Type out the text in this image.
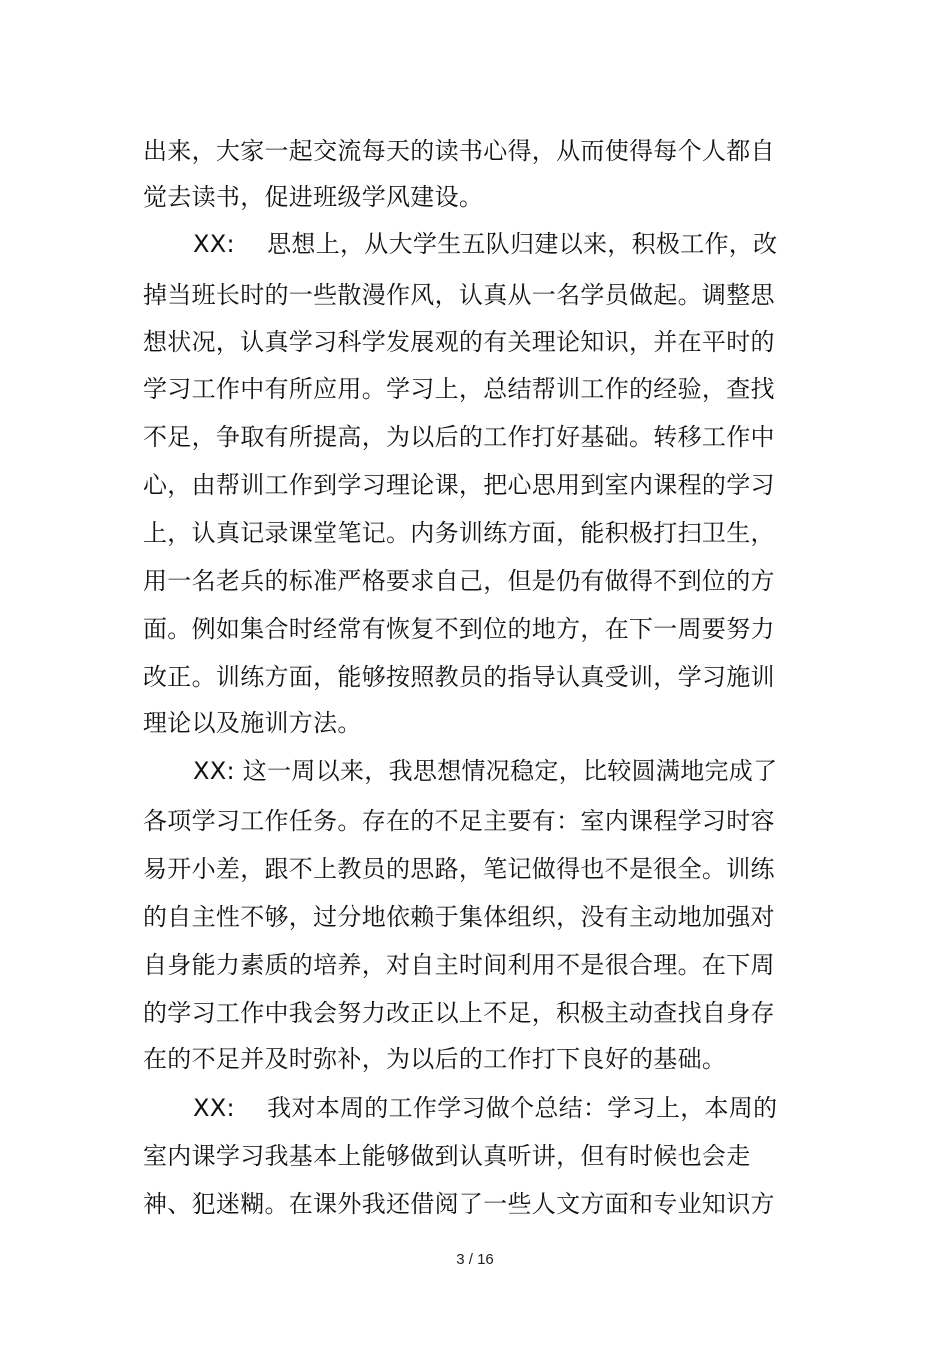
出来，大家一起交流每天的读书心得，从而使得每个人都自
觉去读书，促进班级学风建设。
XX:　 思想上，从大学生五队归建以来，积极工作，改
掉当班长时的一些散漫作风，认真从一名学员做起。调整思
想状况，认真学习科学发展观的有关理论知识，并在平时的
学习工作中有所应用。学习上，总结帮训工作的经验，查找
不足，争取有所提高，为以后的工作打好基础。转移工作中
心，由帮训工作到学习理论课，把心思用到室内课程的学习
上，认真记录课堂笔记。内务训练方面，能积极打扫卫生，
用一名老兵的标准严格要求自己，但是仍有做得不到位的方
面。例如集合时经常有恢复不到位的地方，在下一周要努力
改正。训练方面，能够按照教员的指导认真受训，学习施训
理论以及施训方法。
XX: 这一周以来，我思想情况稳定，比较圆满地完成了
各项学习工作任务。存在的不足主要有：室内课程学习时容
易开小差，跟不上教员的思路，笔记做得也不是很全。训练
的自主性不够，过分地依赖于集体组织，没有主动地加强对
自身能力素质的培养，对自主时间利用不是很合理。在下周
的学习工作中我会努力改正以上不足，积极主动查找自身存
在的不足并及时弥补，为以后的工作打下良好的基础。
XX:　 我对本周的工作学习做个总结：学习上，本周的
室内课学习我基本上能够做到认真听讲，但有时候也会走
神、犯迷糊。在课外我还借阅了一些人文方面和专业知识方
3 / 16
